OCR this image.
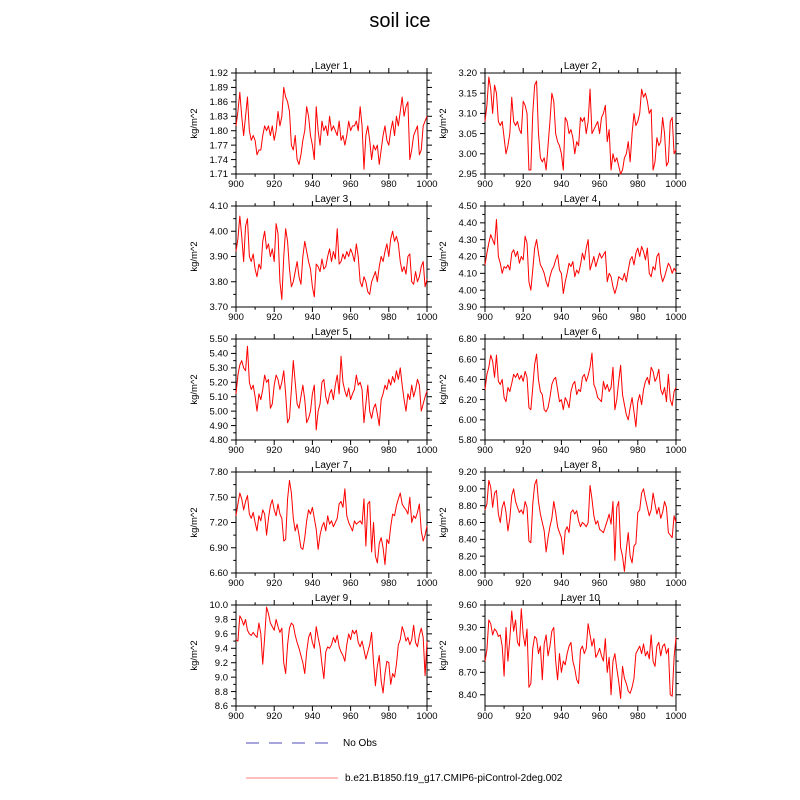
soil ice
Layer 1
kg/m^2
900 920 940 960 980 1000
1.71
1.74
1.77
1.80
1.83
1.86
1.89
1.92
Layer 2
kg/m^2
900 920 940 960 980 1000
2.95
3.00
3.05
3.10
3.15
3.20
Layer 3
kg/m^2
900 920 940 960 980 1000
3.70
3.80
3.90
4.00
4.10
Layer 4
kg/m^2
900 920 940 960 980 1000
3.90
4.00
4.10
4.20
4.30
4.40
4.50
Layer 5
kg/m^2
900 920 940 960 980 1000
4.80
4.90
5.00
5.10
5.20
5.30
5.40
5.50
Layer 6
kg/m^2
900 920 940 960 980 1000
5.80
6.00
6.20
6.40
6.60
6.80
Layer 7
kg/m^2
900 920 940 960 980 1000
6.60
6.90
7.20
7.50
7.80
Layer 8
kg/m^2
900 920 940 960 980 1000
8.00
8.20
8.40
8.60
8.80
9.00
9.20
Layer 9
kg/m^2
900 920 940 960 980 1000
8.6
8.8
9.0
9.2
9.4
9.6
9.8
10.0
Layer 10
kg/m^2
900 920 940 960 980 1000
8.40
8.70
9.00
9.30
9.60
No Obs
b.e21.B1850.f19_g17.CMIP6-piControl-2deg.002
